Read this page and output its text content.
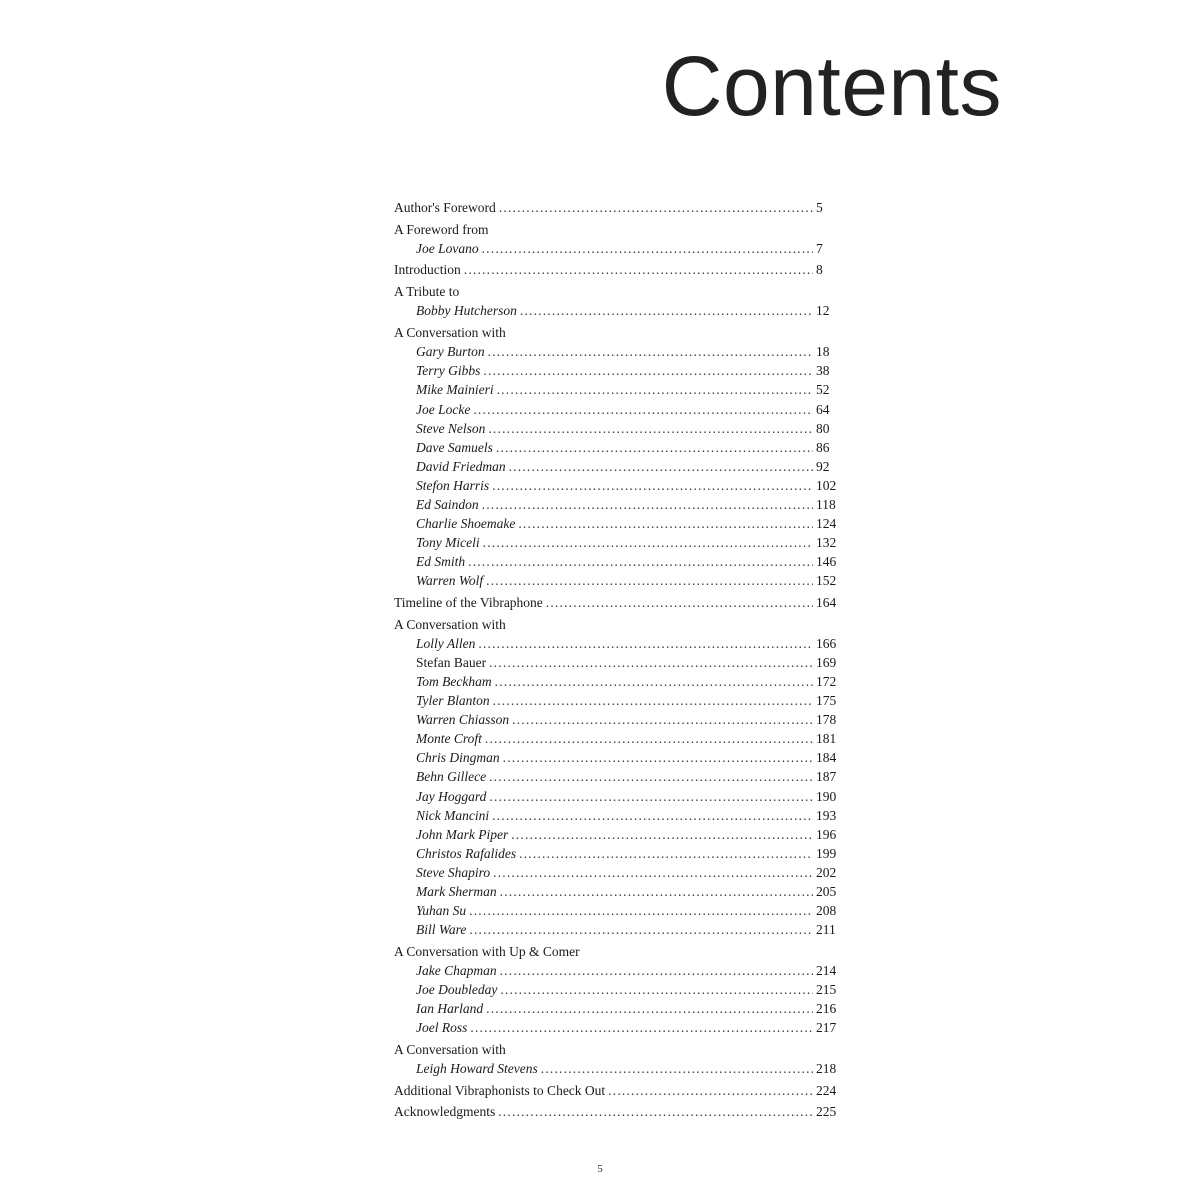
Contents
Author's Foreword .....	5
A Foreword from
Joe Lovano .....	7
Introduction .....	8
A Tribute to
Bobby Hutcherson .....	12
A Conversation with
Gary Burton .....	18
Terry Gibbs .....	38
Mike Mainieri .....	52
Joe Locke .....	64
Steve Nelson .....	80
Dave Samuels .....	86
David Friedman .....	92
Stefon Harris .....	102
Ed Saindon .....	118
Charlie Shoemake .....	124
Tony Miceli .....	132
Ed Smith .....	146
Warren Wolf .....	152
Timeline of the Vibraphone .....	164
A Conversation with
Lolly Allen .....	166
Stefan Bauer .....	169
Tom Beckham .....	172
Tyler Blanton .....	175
Warren Chiasson .....	178
Monte Croft .....	181
Chris Dingman .....	184
Behn Gillece .....	187
Jay Hoggard .....	190
Nick Mancini .....	193
John Mark Piper .....	196
Christos Rafalides .....	199
Steve Shapiro .....	202
Mark Sherman .....	205
Yuhan Su .....	208
Bill Ware .....	211
A Conversation with Up & Comer
Jake Chapman .....	214
Joe Doubleday .....	215
Ian Harland .....	216
Joel Ross .....	217
A Conversation with
Leigh Howard Stevens .....	218
Additional Vibraphonists to Check Out .....	224
Acknowledgments .....	225

5
